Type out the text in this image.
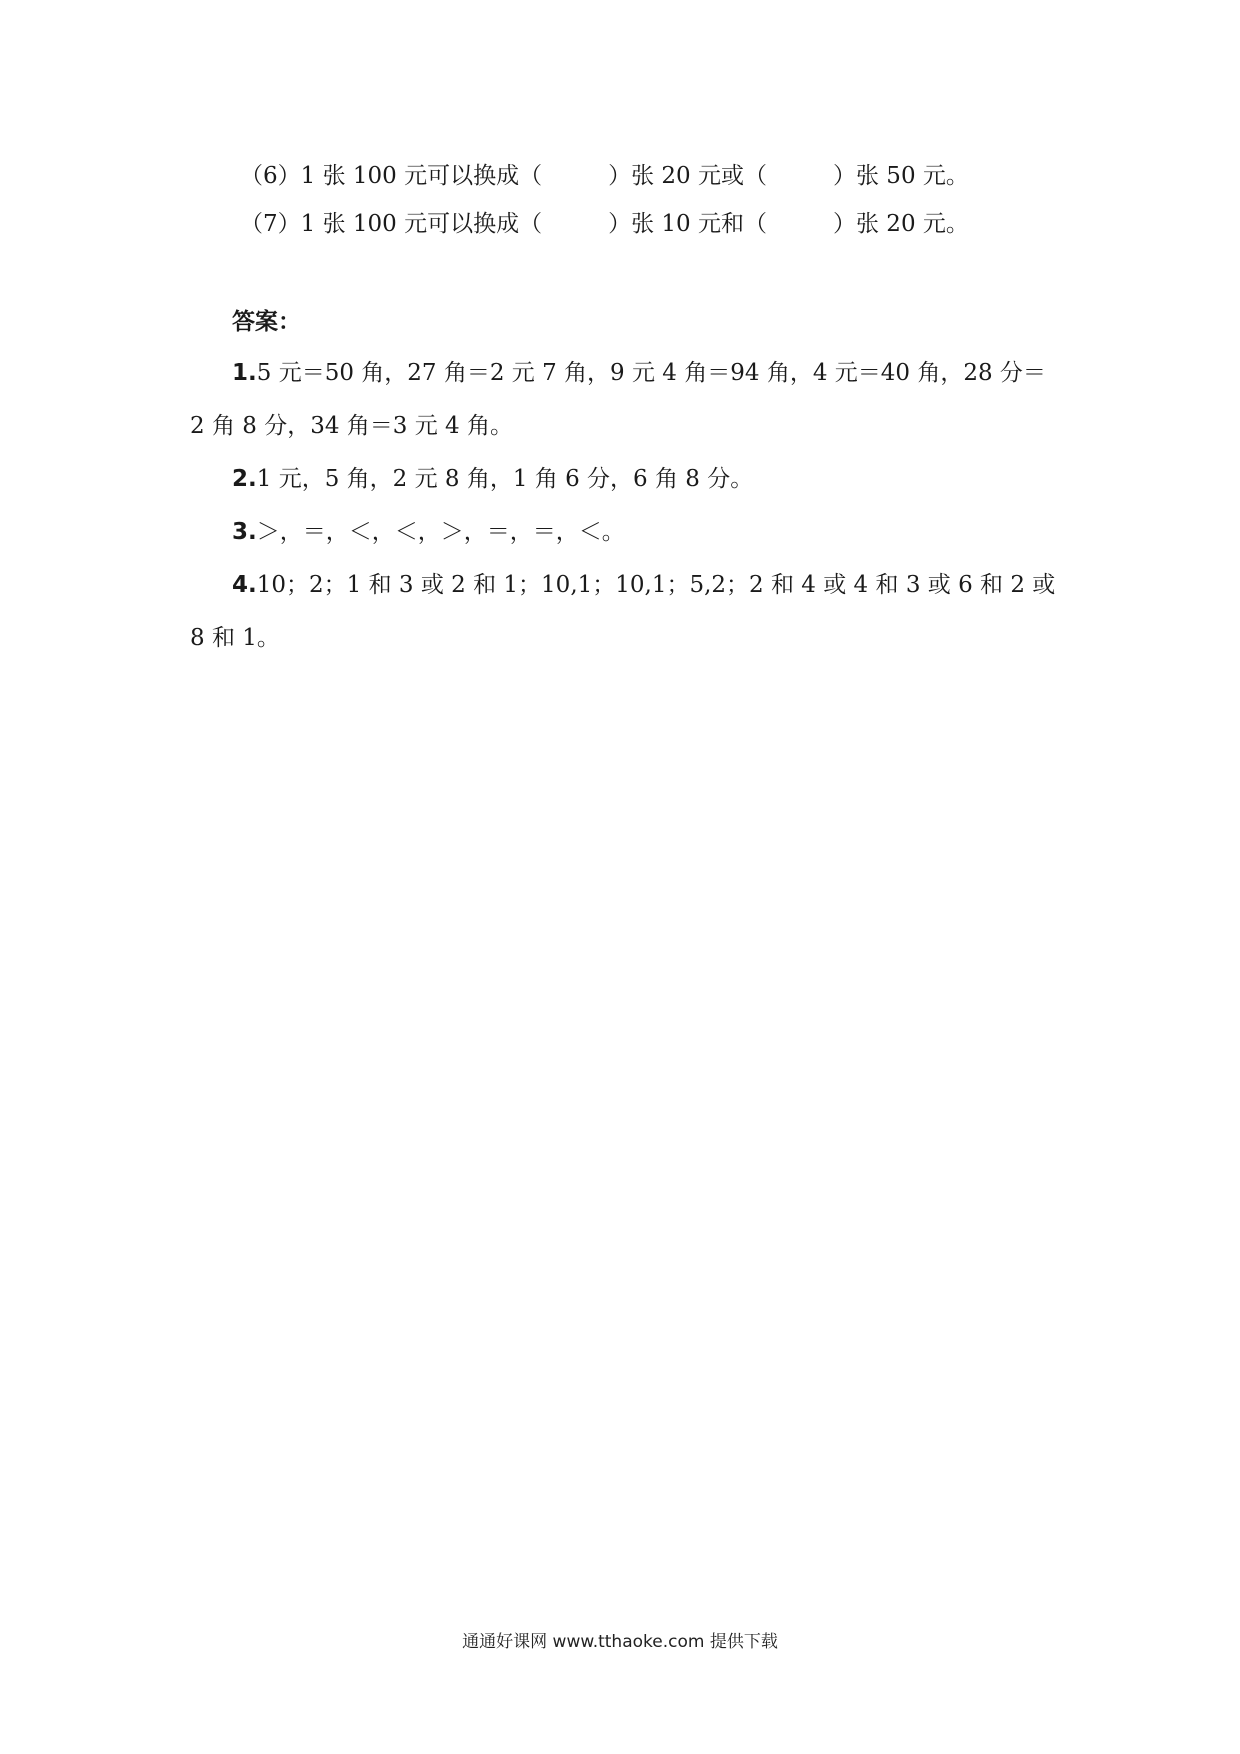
（6）1 张 100 元可以换成（	）张 20 元或（	）张 50 元。
（7）1 张 100 元可以换成（	）张 10 元和（	）张 20 元。
答案：
1.5 元＝50 角，27 角＝2 元 7 角，9 元 4 角＝94 角，4 元＝40 角，28 分＝2 角 8 分，34 角＝3 元 4 角。
2.1 元，5 角，2 元 8 角，1 角 6 分，6 角 8 分。
3.＞，＝，＜，＜，＞，＝，＝，＜。
4.10；2；1 和 3 或 2 和 1；10,1；10,1；5,2；2 和 4 或 4 和 3 或 6 和 2 或 8 和 1。
通通好课网 www.tthaoke.com 提供下载
